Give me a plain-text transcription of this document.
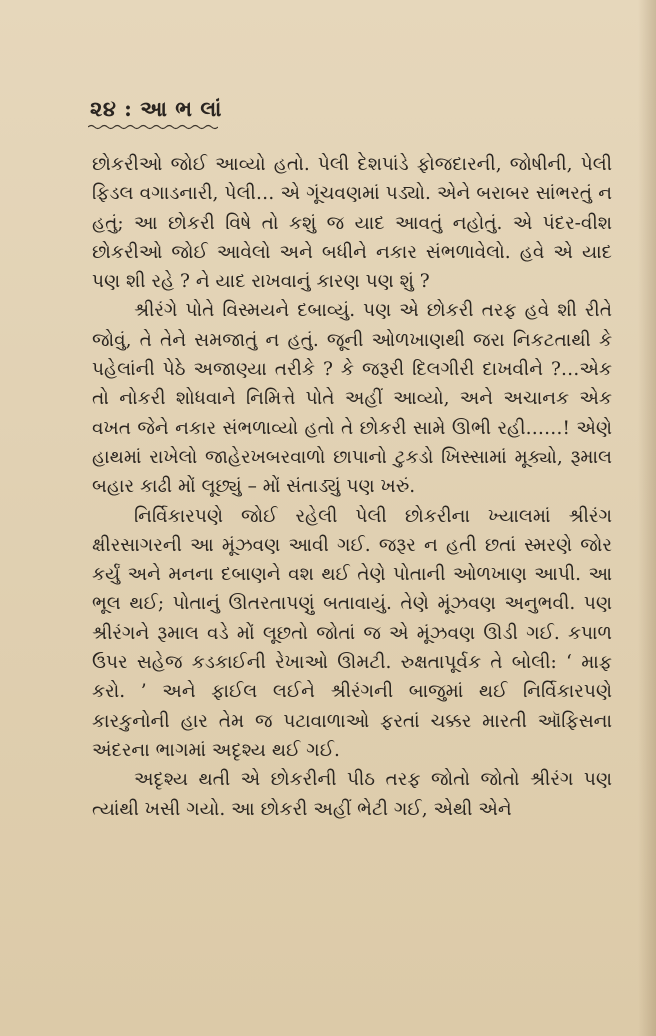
૨૪ : આ ભ લાં

છોકરીઓ જોઈ આવ્યો હતો. પેલી દેશપાંડે ફોજદારની, જોષીની, પેલી ફિડલ વગાડનારી, પેલી… એ ગૂંચવણમાં પડ્યો. એને બરાબર સાંભરતું ન હતું; આ છોકરી વિષે તો કશું જ યાદ આવતું નહોતું. એ પંદર-વીશ છોકરીઓ જોઈ આવેલો અને બધીને નકાર સંભળાવેલો. હવે એ યાદ પણ શી રહે ? ને યાદ રાખવાનું કારણ પણ શું ?

શ્રીરંગે પોતે વિસ્મયને દબાવ્યું. પણ એ છોકરી તરફ હવે શી રીતે જોવું, તે તેને સમજાતું ન હતું. જૂની ઓળખાણથી જરા નિકટતાથી કે પહેલાંની પેઠે અજાણ્યા તરીકે ? કે જરૂરી દિલગીરી દાખવીને ?…એક તો નોકરી શોધવાને નિમિત્તે પોતે અહીં આવ્યો, અને અચાનક એક વખત જેને નકાર સંભળાવ્યો હતો તે છોકરી સામે ઊભી રહી……! એણે હાથમાં રાખેલો જાહેરખબરવાળો છાપાનો ટુકડો ખિસ્સામાં મૂક્યો, રૂમાલ બહાર કાઢી મોં લૂછ્યું – મોં સંતાડ્યું પણ ખરું.

નિર્વિકારપણે જોઈ રહેલી પેલી છોકરીના ખ્યાલમાં શ્રીરંગ ક્ષીરસાગરની આ મૂંઝવણ આવી ગઈ. જરૂર ન હતી છતાં સ્મરણે જોર કર્યું અને મનના દબાણને વશ થઈ તેણે પોતાની ઓળખાણ આપી. આ ભૂલ થઈ; પોતાનું ઊતરતાપણું બતાવાયું. તેણે મૂંઝવણ અનુભવી. પણ શ્રીરંગને રૂમાલ વડે મોં લૂછતો જોતાં જ એ મૂંઝવણ ઊડી ગઈ. કપાળ ઉપર સહેજ કડકાઈની રેખાઓ ઊમટી. રુક્ષતાપૂર્વક તે બોલી: ‘ માફ કરો. ’ અને ફાઈલ લઈને શ્રીરંગની બાજુમાં થઈ નિર્વિકારપણે કારકુનોની હાર તેમ જ પટાવાળાઓ ફરતાં ચક્કર મારતી ઑફિસના અંદરના ભાગમાં અદૃશ્ય થઈ ગઈ.

અદૃશ્ય થતી એ છોકરીની પીઠ તરફ જોતો જોતો શ્રીરંગ પણ ત્યાંથી ખસી ગયો. આ છોકરી અહીં ભેટી ગઈ, એથી એને
